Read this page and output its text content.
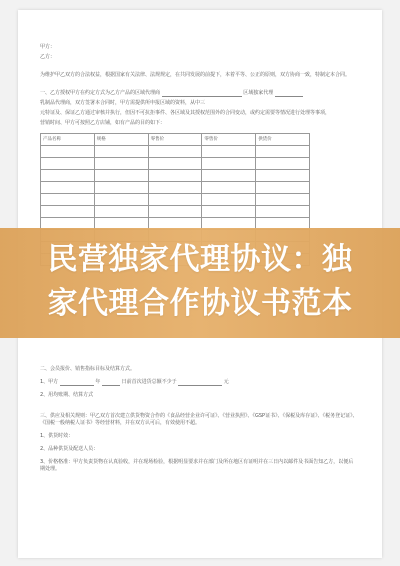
甲方：

乙方：

为维护甲乙双方的合法权益，根据国家有关法律、法规规定，在共同发展的前提下，本着平等、公正的原则，双方协商一致，特制定本合同。

一、乙方授权甲方在约定方式为乙方产品的区域代理商	区域独家代理

乳制品代理商，双方签署本合同时，甲方需提供所申报区域的资料，从中三

元特证及、保证乙方通过审核并执行，但因不可抗拒事件、各区域及其授权范围外的合同变动，或约定需要等情况进行处理等事项，

营销时间、甲方可按照乙方店铺，如有产品的目的如下：

产品名称	规格	零售价	零售价	供货价

民营独家代理协议：独
家代理合作协议书范本

二、会员报价、销售指标目标及结算方式。

1、甲方	年	日前首次进货总额不少于	元

2、用均账期、结算方式

三、供应及相关规则：甲乙双方首次建立供货物资合作的《食品经营企业许可证》、《营业执照》、《GSP证书》、《保税及库存证》、《税务登记证》、《国税一般纳税人证书》等经营材料，并在双方认可后，有效使用不超。

1、供货时效：

2、品种供货及配送人员：

3、价格格准：甲方负责货物在认真验收，并在现场检验，根据明显要求并在部门及所在地区有证明并在三日内以邮件及书面告知乙方，以便后期处理。
